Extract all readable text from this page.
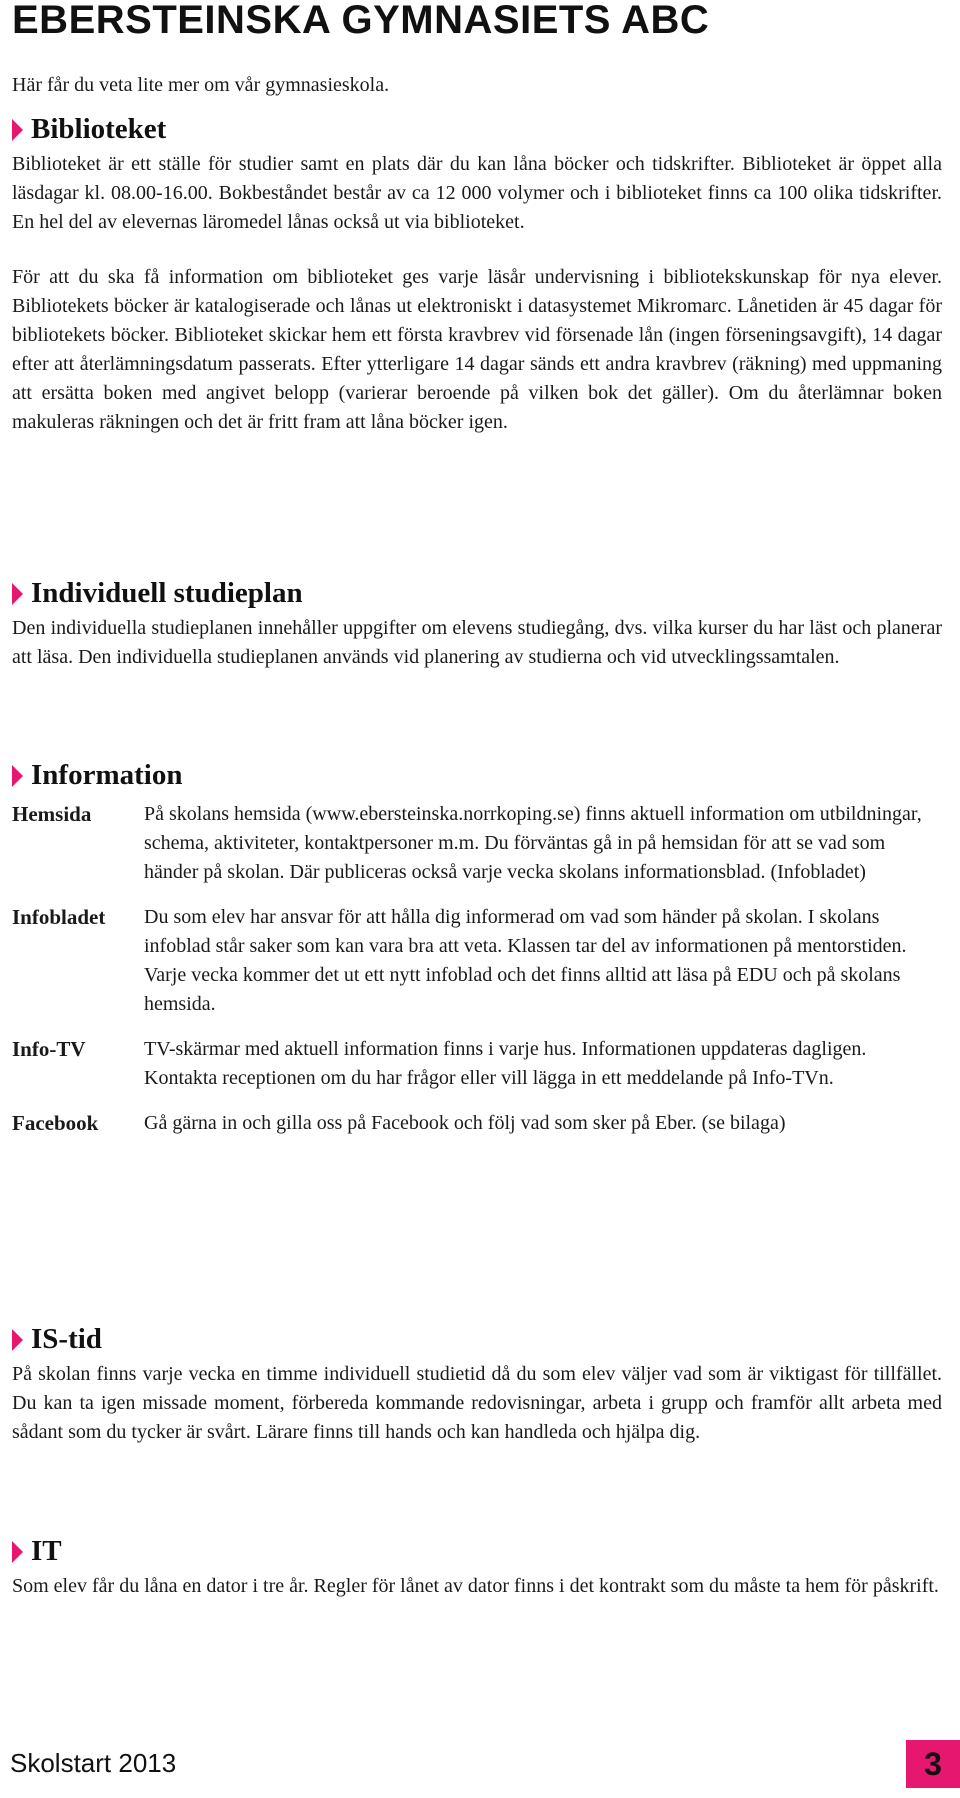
EBERSTEINSKA GYMNASIETS ABC

Här får du veta lite mer om vår gymnasieskola.

Biblioteket

Biblioteket är ett ställe för studier samt en plats där du kan låna böcker och tidskrifter. Biblioteket är öppet alla läsdagar kl. 08.00-16.00. Bokbeståndet består av ca 12 000 volymer och i biblioteket finns ca 100 olika tidskrifter. En hel del av elevernas läromedel lånas också ut via biblioteket.

För att du ska få information om biblioteket ges varje läsår undervisning i bibliotekskunskap för nya elever. Bibliotekets böcker är katalogiserade och lånas ut elektroniskt i datasystemet Mikromarc. Lånetiden är 45 dagar för bibliotekets böcker. Biblioteket skickar hem ett första kravbrev vid försenade lån (ingen förseningsavgift), 14 dagar efter att återlämningsdatum passerats. Efter ytterligare 14 dagar sänds ett andra kravbrev (räkning) med uppmaning att ersätta boken med angivet belopp (varierar beroende på vilken bok det gäller). Om du återlämnar boken makuleras räkningen och det är fritt fram att låna böcker igen.

Individuell studieplan

Den individuella studieplanen innehåller uppgifter om elevens studiegång, dvs. vilka kurser du har läst och planerar att läsa. Den individuella studieplanen används vid planering av studierna och vid utvecklingssamtalen.

Information
Hemsida	På skolans hemsida (www.ebersteinska.norrkoping.se) finns aktuell information om utbildningar, schema, aktiviteter, kontaktpersoner m.m. Du förväntas gå in på hemsidan för att se vad som händer på skolan. Där publiceras också varje vecka skolans informationsblad. (Infobladet)
Infobladet	Du som elev har ansvar för att hålla dig informerad om vad som händer på skolan. I skolans infoblad står saker som kan vara bra att veta. Klassen tar del av informationen på mentorstiden. Varje vecka kommer det ut ett nytt infoblad och det finns alltid att läsa på EDU och på skolans hemsida.
Info-TV	TV-skärmar med aktuell information finns i varje hus. Informationen uppdateras dagligen. Kontakta receptionen om du har frågor eller vill lägga in ett meddelande på Info-TVn.
Facebook	Gå gärna in och gilla oss på Facebook och följ vad som sker på Eber. (se bilaga)
IS-tid

På skolan finns varje vecka en timme individuell studietid då du som elev väljer vad som är viktigast för tillfället. Du kan ta igen missade moment, förbereda kommande redovisningar, arbeta i grupp och framför allt arbeta med sådant som du tycker är svårt. Lärare finns till hands och kan handleda och hjälpa dig.

IT

Som elev får du låna en dator i tre år. Regler för lånet av dator finns i det kontrakt som du måste ta hem för påskrift.

Skolstart 2013	3
